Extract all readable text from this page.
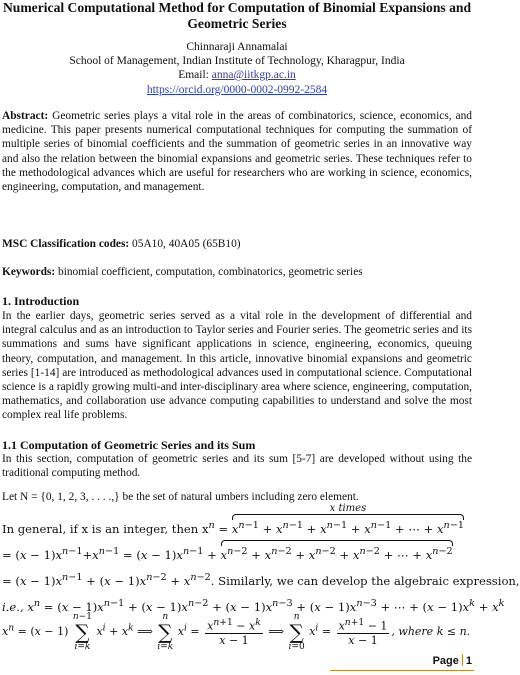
Numerical Computational Method for Computation of Binomial Expansions and Geometric Series
Chinnaraji Annamalai
School of Management, Indian Institute of Technology, Kharagpur, India
Email: anna@iitkgp.ac.in
https://orcid.org/0000-0002-0992-2584
Abstract: Geometric series plays a vital role in the areas of combinatorics, science, economics, and medicine. This paper presents numerical computational techniques for computing the summation of multiple series of binomial coefficients and the summation of geometric series in an innovative way and also the relation between the binomial expansions and geometric series. These techniques refer to the methodological advances which are useful for researchers who are working in science, economics, engineering, computation, and management.
MSC Classification codes: 05A10, 40A05 (65B10)
Keywords: binomial coefficient, computation, combinatorics, geometric series
1. Introduction
In the earlier days, geometric series served as a vital role in the development of differential and integral calculus and as an introduction to Taylor series and Fourier series. The geometric series and its summations and sums have significant applications in science, engineering, economics, queuing theory, computation, and management. In this article, innovative binomial expansions and geometric series [1-14] are introduced as methodological advances used in computational science. Computational science is a rapidly growing multi-and inter-disciplinary area where science, engineering, computation, mathematics, and collaboration use advance computing capabilities to understand and solve the most complex real life problems.
1.1 Computation of Geometric Series and its Sum
In this section, computation of geometric series and its sum [5-7] are developed without using the traditional computing method.
Let N = {0, 1, 2, 3, . . . .,} be the set of natural umbers including zero element.
In general, if x is an integer, then $x^n$ =
x times
$x^{n-1} + x^{n-1} + x^{n-1} + x^{n-1}$ + ⋯ + $x^{n-1}$
= $(x - 1)x^{n-1}+x^{n-1} = (x - 1)x^{n-1}$ +
$x^{n-2} + x^{n-2} + x^{n-2} + x^{n-2}$ + ⋯ + $x^{n-2}$
= $(x - 1)x^{n-1} + (x - 1)x^{n-2} + x^{n-2}$. Similarly, we can develop the algebraic expression,
i.e., $x^n = (x - 1)x^{n-1} + (x - 1)x^{n-2} + (x - 1)x^{n-3} + (x - 1)x^{n-3}$ + ⋯ + $(x - 1)x^k + x^k$
$x^n = (x - 1)$ n−1
∑
i=k $x^i + x^k$ ⟹ n
∑
i=k $x^i = \frac{x^{n+1} - x^k}{x - 1}$ ⟹ n
∑
i=0 $x^i = \frac{x^{n+1} - 1}{x - 1}$ , where k ≤ n.
Page 1
